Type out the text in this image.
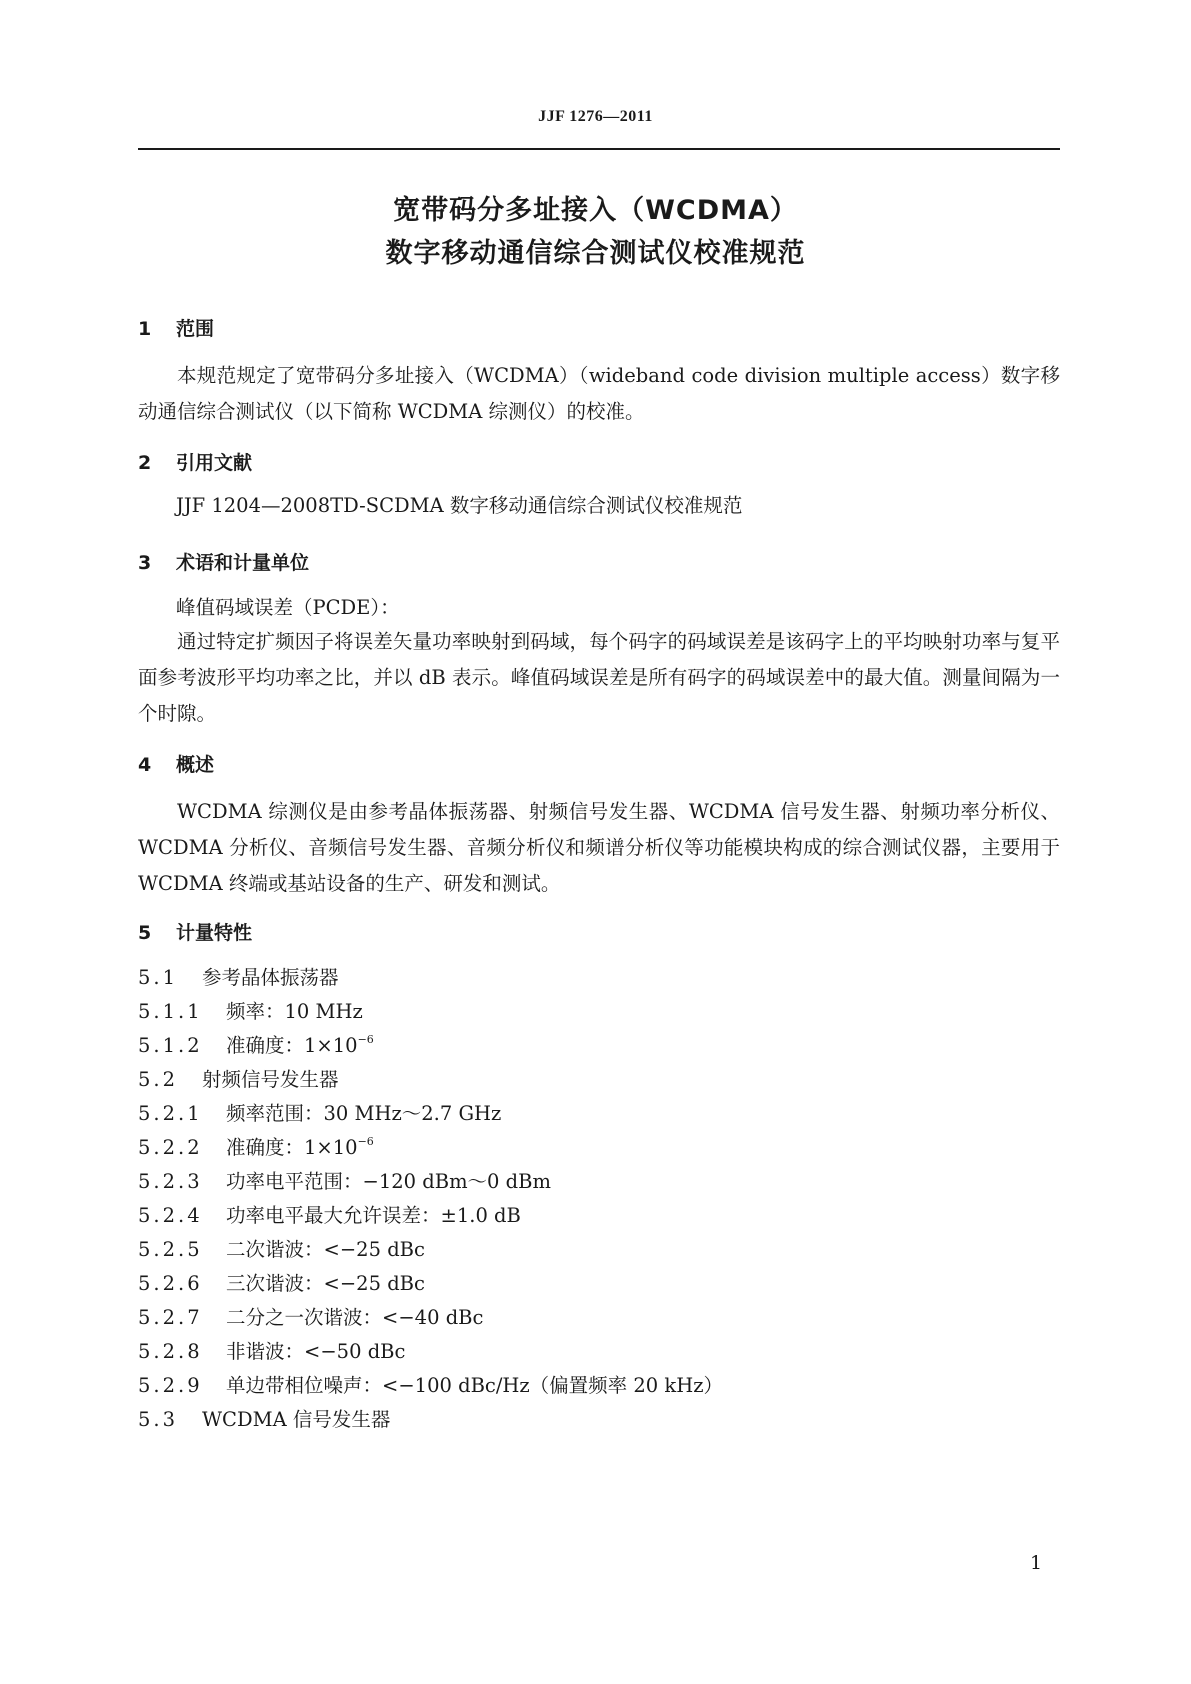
JJF 1276—2011
宽带码分多址接入（WCDMA）
数字移动通信综合测试仪校准规范
1 范围

本规范规定了宽带码分多址接入（WCDMA）（wideband code division multiple access）数字移动通信综合测试仪（以下简称 WCDMA 综测仪）的校准。

2 引用文献

JJF 1204—2008TD-SCDMA 数字移动通信综合测试仪校准规范

3 术语和计量单位

峰值码域误差（PCDE）：

通过特定扩频因子将误差矢量功率映射到码域，每个码字的码域误差是该码字上的平均映射功率与复平面参考波形平均功率之比，并以 dB 表示。峰值码域误差是所有码字的码域误差中的最大值。测量间隔为一个时隙。

4 概述

WCDMA 综测仪是由参考晶体振荡器、射频信号发生器、WCDMA 信号发生器、射频功率分析仪、WCDMA 分析仪、音频信号发生器、音频分析仪和频谱分析仪等功能模块构成的综合测试仪器，主要用于 WCDMA 终端或基站设备的生产、研发和测试。

5 计量特性
5.1 参考晶体振荡器
5.1.1 频率：10 MHz
5.1.2 准确度：$1\times 10^{-6}$
5.2 射频信号发生器
5.2.1 频率范围：30 MHz～2.7 GHz
5.2.2 准确度：$1\times 10^{-6}$
5.2.3 功率电平范围：−120 dBm～0 dBm
5.2.4 功率电平最大允许误差：±1.0 dB
5.2.5 二次谐波：<−25 dBc
5.2.6 三次谐波：<−25 dBc
5.2.7 二分之一次谐波：<−40 dBc
5.2.8 非谐波：<−50 dBc
5.2.9 单边带相位噪声：<−100 dBc/Hz（偏置频率 20 kHz）
5.3 WCDMA 信号发生器
1
